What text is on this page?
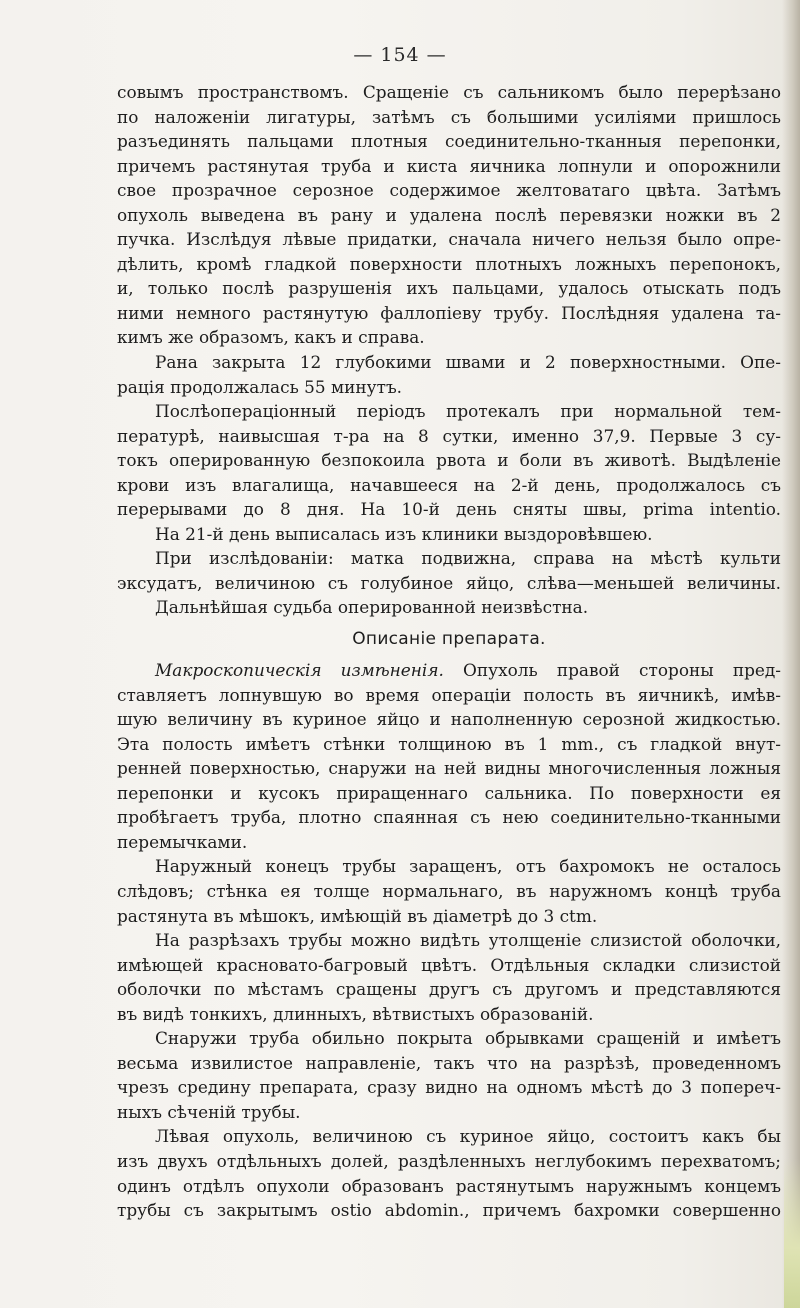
— 154 —
совымъ пространствомъ. Сращеніе съ сальникомъ было перерѣзано
по наложеніи лигатуры, затѣмъ съ большими усиліями пришлось
разъединять пальцами плотныя соединительно-тканныя перепонки,
причемъ растянутая труба и киста яичника лопнули и опорожнили
свое прозрачное серозное содержимое желтоватаго цвѣта. Затѣмъ
опухоль выведена въ рану и удалена послѣ перевязки ножки въ 2
пучка. Изслѣдуя лѣвые придатки, сначала ничего нельзя было опре-
дѣлить, кромѣ гладкой поверхности плотныхъ ложныхъ перепонокъ,
и, только послѣ разрушенія ихъ пальцами, удалось отыскать подъ
ними немного растянутую фаллопіеву трубу. Послѣдняя удалена та-
кимъ же образомъ, какъ и справа.
Рана закрыта 12 глубокими швами и 2 поверхностными. Опе-
рація продолжалась 55 минутъ.
Послѣоперaціонный періодъ протекалъ при нормальной тем-
пературѣ, наивысшая т-ра на 8 сутки, именно 37,9. Первые 3 су-
токъ оперированную безпокоила рвота и боли въ животѣ. Выдѣленіе
крови изъ влагалища, начавшееся на 2-й день, продолжалось съ
перерывами до 8 дня. На 10-й день сняты швы, prima intentio.
На 21-й день выписалась изъ клиники выздоровѣвшею.
При изслѣдованіи: матка подвижна, справа на мѣстѣ культи
эксудатъ, величиною съ голубиное яйцо, слѣва—меньшей величины.
Дальнѣйшая судьба оперированной неизвѣстна.
Описаніе препарата.
Макроскопическія измѣненія. Опухоль правой стороны пред-
ставляетъ лопнувшую во время операціи полость въ яичникѣ, имѣв-
шую величину въ куриное яйцо и наполненную серозной жидкостью.
Эта полость имѣетъ стѣнки толщиною въ 1 mm., съ гладкой внут-
ренней поверхностью, снаружи на ней видны многочисленныя ложныя
перепонки и кусокъ приращеннаго сальника. По поверхности ея
пробѣгаетъ труба, плотно спаянная съ нею соединительно-тканными
перемычками.
Наружный конецъ трубы заращенъ, отъ бахромокъ не осталось
слѣдовъ; стѣнка ея толще нормальнаго, въ наружномъ концѣ труба
растянута въ мѣшокъ, имѣющій въ діаметрѣ до 3 ctm.
На разрѣзахъ трубы можно видѣть утолщеніе слизистой оболочки,
имѣющей красновато-багровый цвѣтъ. Отдѣльныя складки слизистой
оболочки по мѣстамъ сращены другъ съ другомъ и представляются
въ видѣ тонкихъ, длинныхъ, вѣтвистыхъ образованій.
Снаружи труба обильно покрыта обрывками сращеній и имѣетъ
весьма извилистое направленіе, такъ что на разрѣзѣ, проведенномъ
чрезъ средину препарата, сразу видно на одномъ мѣстѣ до 3 попереч-
ныхъ сѣченій трубы.
Лѣвая опухоль, величиною съ куриное яйцо, состоитъ какъ бы
изъ двухъ отдѣльныхъ долей, раздѣленныхъ неглубокимъ перехватомъ;
одинъ отдѣлъ опухоли образованъ растянутымъ наружнымъ концемъ
трубы съ закрытымъ ostio abdomin., причемъ бахромки совершенно
